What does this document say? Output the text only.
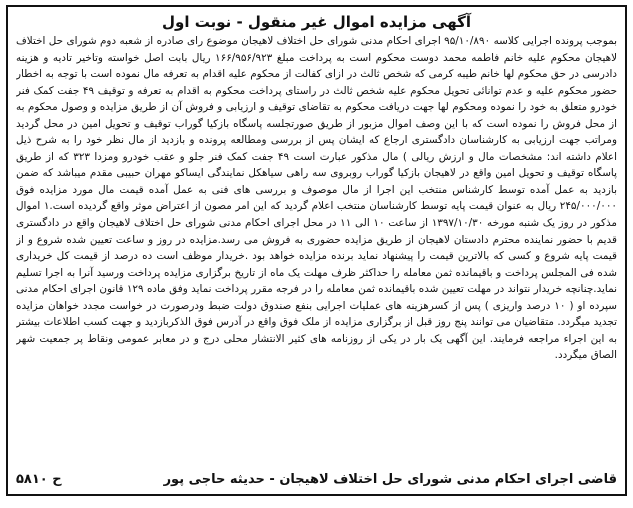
آگهی مزایده اموال غیر منقول - نوبت اول

بموجب پرونده اجرایی کلاسه ۹۵/۱۰/۸۹۰ اجرای احکام مدنی شورای حل اختلاف لاهیجان موضوع رای صادره از شعبه دوم شورای حل اختلاف لاهیجان محکوم علیه خانم فاطمه محمد دوست محکوم است به پرداخت مبلغ ۱۶۶/۹۵۶/۹۲۳ ریال بابت اصل خواسته وتاخیر تادیه و هزینه دادرسی در حق محکوم لها خانم طیبه کرمی که شخص ثالث در ازای کفالت از محکوم علیه اقدام به تعرفه مال نموده است با توجه به اخطار حضور محکوم علیه و عدم توانائی تحویل محکوم علیه شخص ثالث در راستای پرداخت محکوم به اقدام به تعرفه و توقیف ۴۹ جفت کمک فنر خودرو متعلق به خود را نموده ومحکوم لها جهت دریافت محکوم به تقاضای توقیف و ارزیابی و فروش آن از طریق مزایده و وصول محکوم به از محل فروش را نموده است که با این وصف اموال مزبور از طریق صورتجلسه پاسگاه بازکیا گوراب توقیف و تحویل امین در محل گردید ومراتب جهت ارزیابی به کارشناسان دادگستری ارجاع که ایشان پس از بررسی ومطالعه پرونده و بازدید از مال نظر خود را به شرح ذیل اعلام داشته اند: مشخصات مال و ارزش ریالی ) مال مذکور عبارت است ۴۹ جفت کمک فنر جلو و عقب خودرو ومزدا ۳۲۳ که از طریق پاسگاه توقیف و تحویل امین واقع در لاهیجان بازکیا گوراب روبروی سه راهی سیاهکل نمایندگی ایساکو مهران حبیبی مقدم میباشد که ضمن بازدید به عمل آمده توسط کارشناس منتخب این اجرا از مال موصوف و بررسی های فنی به عمل آمده قیمت مال مورد مزایده فوق ۲۴۵/۰۰۰/۰۰۰ ریال به عنوان قیمت پایه توسط کارشناسان منتخب اعلام گردید که این امر مصون از اعتراض موثر واقع گردیده است.۱ اموال مذکور در روز یک شنبه مورخه ۱۳۹۷/۱۰/۳۰ از ساعت ۱۰ الی ۱۱ در محل اجرای احکام مدنی شورای حل اختلاف لاهیجان واقع در دادگستری قدیم با حضور نماینده محترم دادستان لاهیجان از طریق مزایده حضوری به فروش می رسد.مزایده در روز و ساعت تعیین شده شروع و از قیمت پایه شروع و کسی که بالاترین قیمت را پیشنهاد نماید برنده مزایده خواهد بود .خریدار موظف است ده درصد از قیمت کل خریداری شده فی المجلس پرداخت و باقیمانده ثمن معامله را حداکثر ظرف مهلت یک ماه از تاریخ برگزاری مزایده پرداخت ورسید آنرا به اجرا تسلیم نماید.چنانچه خریدار نتواند در مهلت تعیین شده باقیمانده ثمن معامله را در فرجه مقرر پرداخت نماید وفق ماده ۱۲۹ قانون اجرای احکام مدنی سپرده او ( ۱۰ درصد واریزی ) پس از کسرهزینه های عملیات اجرایی بنفع صندوق دولت ضبط ودرصورت در خواست مجدد خواهان مزایده تجدید میگردد. متقاضیان می توانند پنج روز قبل از برگزاری مزایده از ملک فوق واقع در آدرس فوق الذکربازدید و جهت کسب اطلاعات بیشتر به این اجراء مراجعه فرمایند. این آگهی یک بار در یکی از روزنامه های کثیر الانتشار محلی درج و در معابر عمومی ونقاط پر جمعیت شهر الصاق میگردد.

قاضی اجرای احکام مدنی شورای حل اختلاف لاهیجان - حدیثه حاجی پور
ح ۵۸۱۰
